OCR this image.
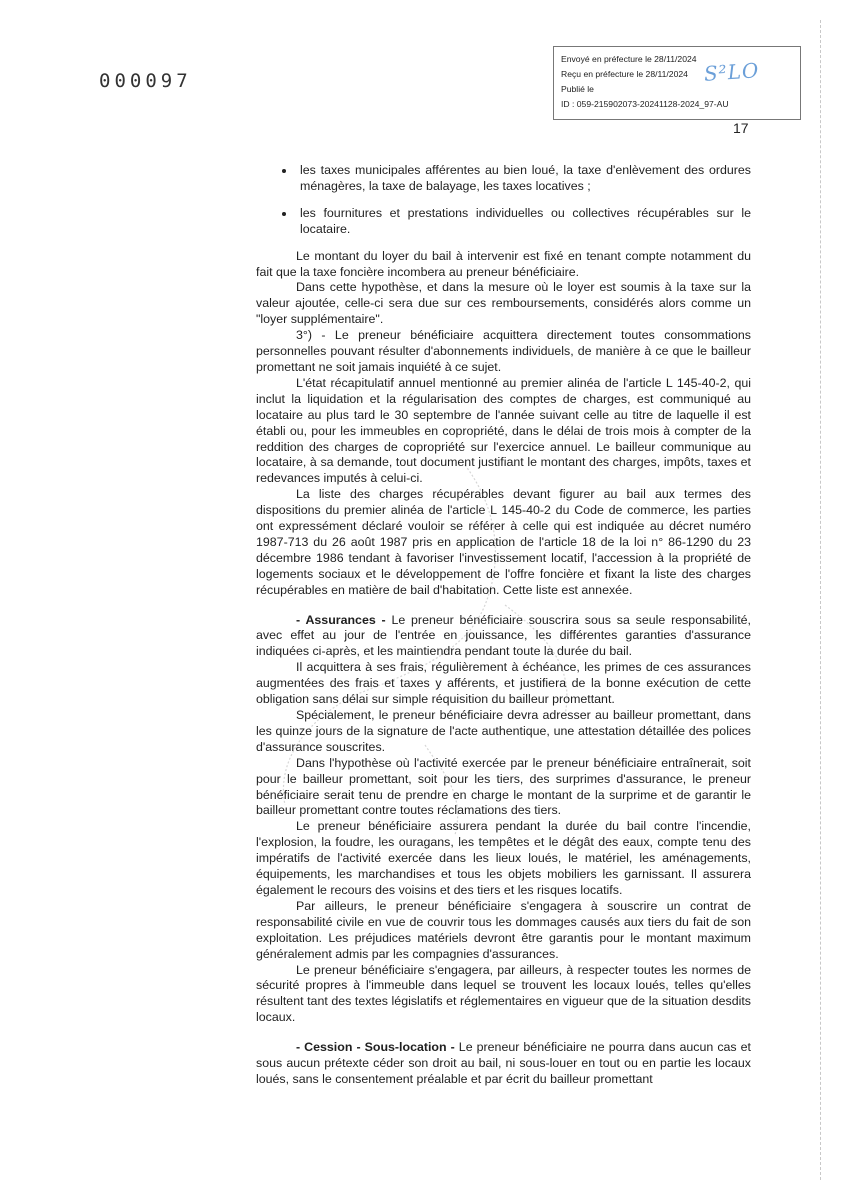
000097
Envoyé en préfecture le 28/11/2024
Reçu en préfecture le 28/11/2024
Publié le
ID : 059-215902073-20241128-2024_97-AU
S²LO
17
les taxes municipales afférentes au bien loué, la taxe d'enlèvement des ordures ménagères, la taxe de balayage, les taxes locatives ;
les fournitures et prestations individuelles ou collectives récupérables sur le locataire.

Le montant du loyer du bail à intervenir est fixé en tenant compte notamment du fait que la taxe foncière incombera au preneur bénéficiaire.

Dans cette hypothèse, et dans la mesure où le loyer est soumis à la taxe sur la valeur ajoutée, celle-ci sera due sur ces remboursements, considérés alors comme un "loyer supplémentaire".

3°) - Le preneur bénéficiaire acquittera directement toutes consommations personnelles pouvant résulter d'abonnements individuels, de manière à ce que le bailleur promettant ne soit jamais inquiété à ce sujet.

L'état récapitulatif annuel mentionné au premier alinéa de l'article L 145-40-2, qui inclut la liquidation et la régularisation des comptes de charges, est communiqué au locataire au plus tard le 30 septembre de l'année suivant celle au titre de laquelle il est établi ou, pour les immeubles en copropriété, dans le délai de trois mois à compter de la reddition des charges de copropriété sur l'exercice annuel. Le bailleur communique au locataire, à sa demande, tout document justifiant le montant des charges, impôts, taxes et redevances imputés à celui-ci.

La liste des charges récupérables devant figurer au bail aux termes des dispositions du premier alinéa de l'article L 145-40-2 du Code de commerce, les parties ont expressément déclaré vouloir se référer à celle qui est indiquée au décret numéro 1987-713 du 26 août 1987 pris en application de l'article 18 de la loi n° 86-1290 du 23 décembre 1986 tendant à favoriser l'investissement locatif, l'accession à la propriété de logements sociaux et le développement de l'offre foncière et fixant la liste des charges récupérables en matière de bail d'habitation. Cette liste est annexée.

- Assurances - Le preneur bénéficiaire souscrira sous sa seule responsabilité, avec effet au jour de l'entrée en jouissance, les différentes garanties d'assurance indiquées ci-après, et les maintiendra pendant toute la durée du bail.

Il acquittera à ses frais, régulièrement à échéance, les primes de ces assurances augmentées des frais et taxes y afférents, et justifiera de la bonne exécution de cette obligation sans délai sur simple réquisition du bailleur promettant.

Spécialement, le preneur bénéficiaire devra adresser au bailleur promettant, dans les quinze jours de la signature de l'acte authentique, une attestation détaillée des polices d'assurance souscrites.

Dans l'hypothèse où l'activité exercée par le preneur bénéficiaire entraînerait, soit pour le bailleur promettant, soit pour les tiers, des surprimes d'assurance, le preneur bénéficiaire serait tenu de prendre en charge le montant de la surprime et de garantir le bailleur promettant contre toutes réclamations des tiers.

Le preneur bénéficiaire assurera pendant la durée du bail contre l'incendie, l'explosion, la foudre, les ouragans, les tempêtes et le dégât des eaux, compte tenu des impératifs de l'activité exercée dans les lieux loués, le matériel, les aménagements, équipements, les marchandises et tous les objets mobiliers les garnissant. Il assurera également le recours des voisins et des tiers et les risques locatifs.

Par ailleurs, le preneur bénéficiaire s'engagera à souscrire un contrat de responsabilité civile en vue de couvrir tous les dommages causés aux tiers du fait de son exploitation. Les préjudices matériels devront être garantis pour le montant maximum généralement admis par les compagnies d'assurances.

Le preneur bénéficiaire s'engagera, par ailleurs, à respecter toutes les normes de sécurité propres à l'immeuble dans lequel se trouvent les locaux loués, telles qu'elles résultent tant des textes législatifs et réglementaires en vigueur que de la situation desdits locaux.

- Cession - Sous-location - Le preneur bénéficiaire ne pourra dans aucun cas et sous aucun prétexte céder son droit au bail, ni sous-louer en tout ou en partie les locaux loués, sans le consentement préalable et par écrit du bailleur promettant
